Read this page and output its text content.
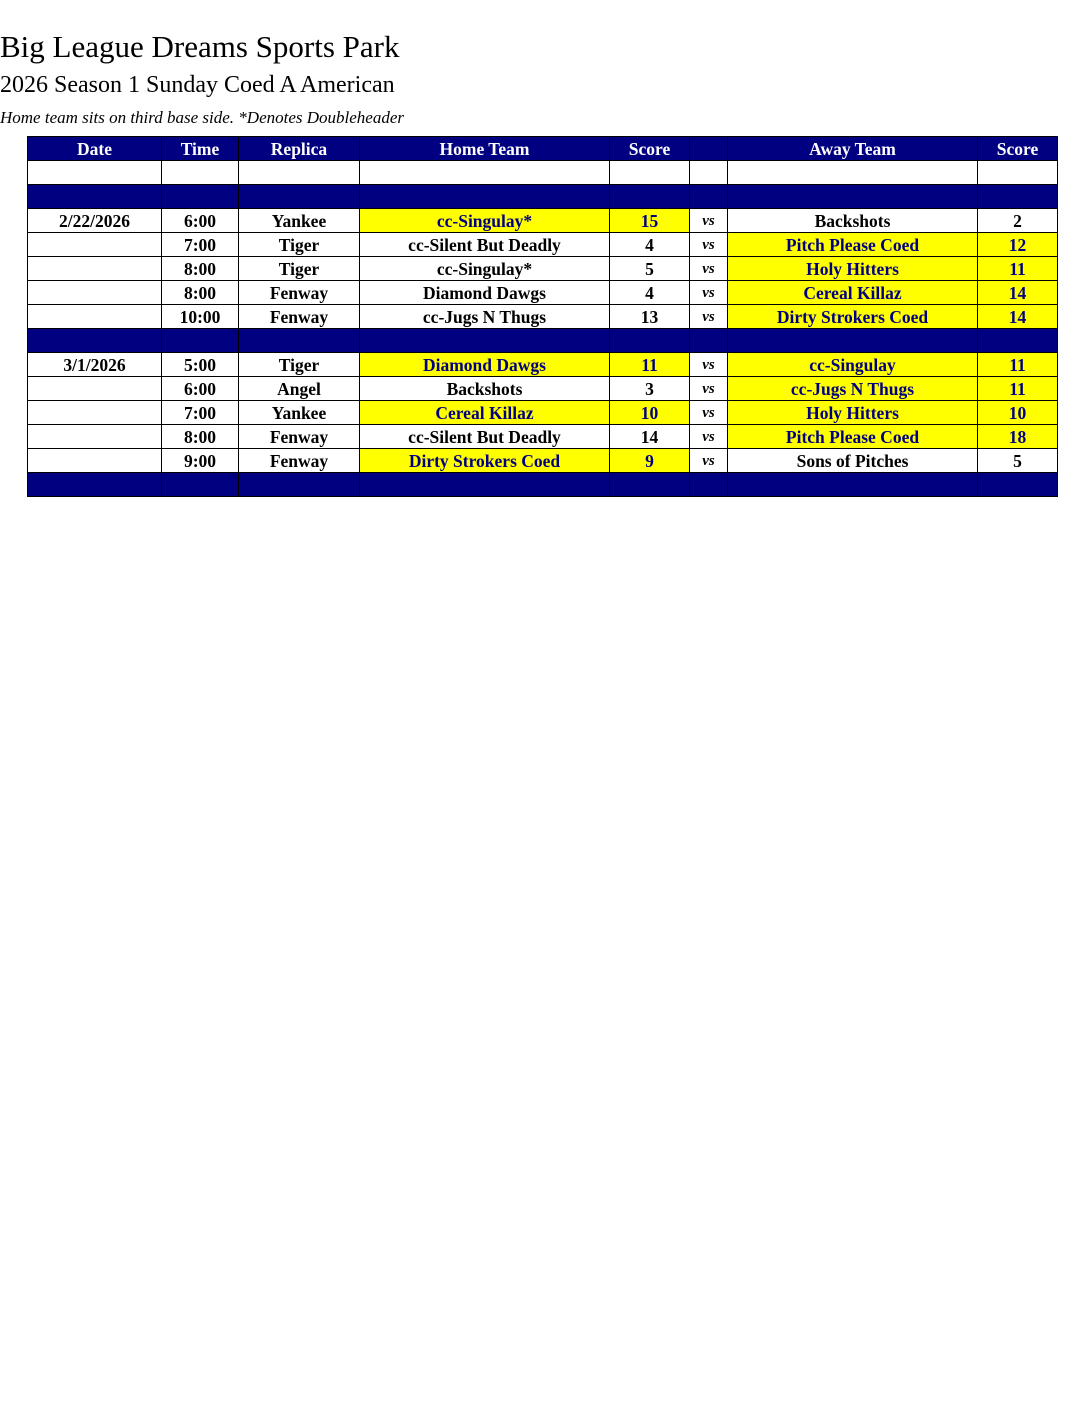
Big League Dreams Sports Park
2026 Season 1 Sunday Coed A American
Home team sits on third base side. *Denotes Doubleheader
Date	Time	Replica	Home Team	Score		Away Team	Score

2/22/2026	6:00	Yankee	cc-Singulay*	15	vs	Backshots	2
	7:00	Tiger	cc-Silent But Deadly	4	vs	Pitch Please Coed	12
	8:00	Tiger	cc-Singulay*	5	vs	Holy Hitters	11
	8:00	Fenway	Diamond Dawgs	4	vs	Cereal Killaz	14
	10:00	Fenway	cc-Jugs N Thugs	13	vs	Dirty Strokers Coed	14

3/1/2026	5:00	Tiger	Diamond Dawgs	11	vs	cc-Singulay	11
	6:00	Angel	Backshots	3	vs	cc-Jugs N Thugs	11
	7:00	Yankee	Cereal Killaz	10	vs	Holy Hitters	10
	8:00	Fenway	cc-Silent But Deadly	14	vs	Pitch Please Coed	18
	9:00	Fenway	Dirty Strokers Coed	9	vs	Sons of Pitches	5
